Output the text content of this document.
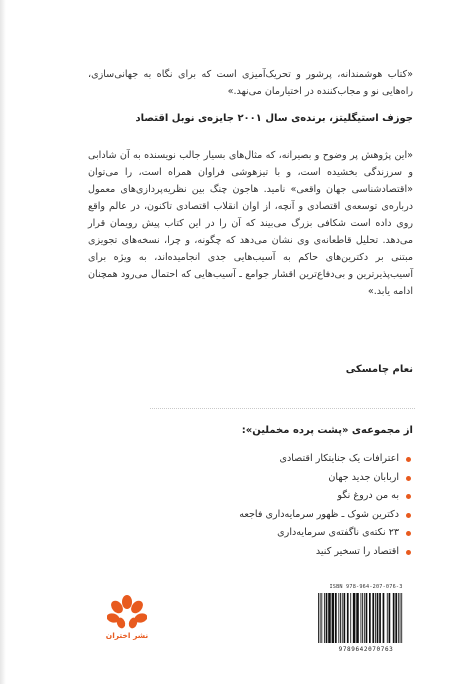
«کتاب هوشمندانه، پرشور و تحریک‌آمیزی است که برای نگاه به جهانی‌سازی، راه‌هایی نو و مجاب‌کننده در اختیارمان می‌نهد.»
جوزف استیگلیتز، برنده‌ی سال ۲۰۰۱ جایزه‌ی نوبل اقتصاد
«این پژوهش پر وضوح و بصیرانه، که مثال‌های بسیار جالب نویسنده به آن شادابی و سرزندگی بخشیده است، و با تیزهوشی فراوان همراه است، را می‌توان «اقتصادشناسی جهان واقعی» نامید. هاجون چنگ بین نظریه‌پردازی‌های معمول درباره‌ی توسعه‌ی اقتصادی و آنچه، از اوان انقلاب اقتصادی تاکنون، در عالم واقع روی داده است شکافی بزرگ می‌بیند که آن را در این کتاب پیش رویمان قرار می‌دهد. تحلیل قاطعانه‌ی وی نشان می‌دهد که چگونه، و چرا، نسخه‌های تجویزی مبتنی بر دکترین‌های حاکم به آسیب‌هایی جدی انجامیده‌اند، به ویژه برای آسیب‌پذیرترین و بی‌دفاع‌ترین اقشار جوامع ـ آسیب‌هایی که احتمال می‌رود همچنان ادامه یابد.»
نعام چامسکی
از مجموعه‌ی «پشت پرده مخملین»:
اعترافات یک جنایتکار اقتصادی
اربابان جدید جهان
به من دروغ نگو
دکترین شوک ـ ظهور سرمایه‌داری فاجعه
۲۳ نکته‌ی ناگفته‌ی سرمایه‌داری
اقتصاد را تسخیر کنید
نشر اختران
ISBN 978-964-207-076-3
9789642070763
